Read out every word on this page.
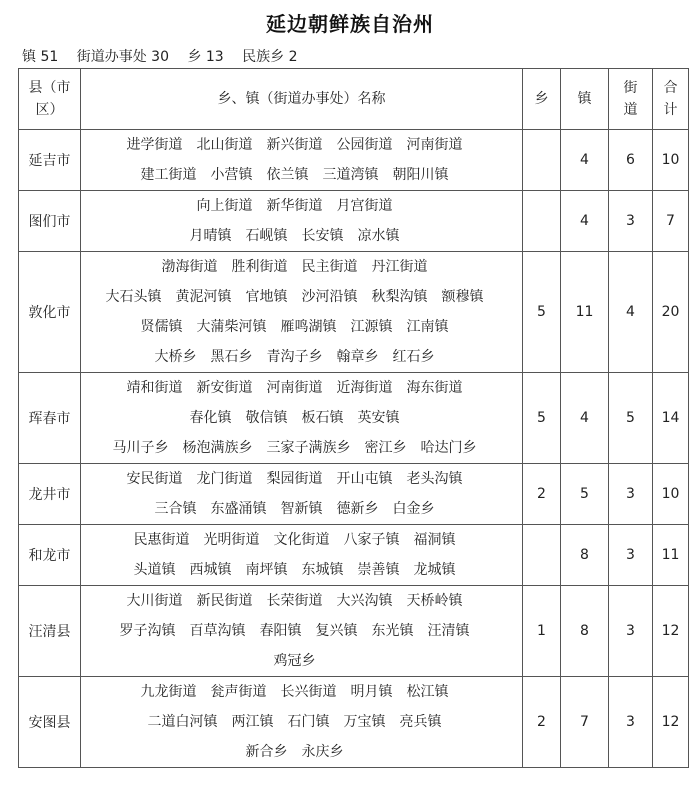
延边朝鲜族自治州
镇 51 街道办事处 30 乡 13 民族乡 2
县（市
区）	乡、镇（街道办事处）名称	乡	镇	街
道	合
计

延吉市	进学街道 北山街道 新兴街道 公园街道 河南街道
建工街道 小营镇 依兰镇 三道湾镇 朝阳川镇		4	6	10
图们市	向上街道 新华街道 月宫街道
月晴镇 石岘镇 长安镇 凉水镇		4	3	7
敦化市	渤海街道 胜利街道 民主街道 丹江街道
大石头镇 黄泥河镇 官地镇 沙河沿镇 秋梨沟镇 额穆镇
贤儒镇 大蒲柴河镇 雁鸣湖镇 江源镇 江南镇
大桥乡 黑石乡 青沟子乡 翰章乡 红石乡	5	11	4	20
珲春市	靖和街道 新安街道 河南街道 近海街道 海东街道
春化镇 敬信镇 板石镇 英安镇
马川子乡 杨泡满族乡 三家子满族乡 密江乡 哈达门乡	5	4	5	14
龙井市	安民街道 龙门街道 梨园街道 开山屯镇 老头沟镇
三合镇 东盛涌镇 智新镇 德新乡 白金乡	2	5	3	10
和龙市	民惠街道 光明街道 文化街道 八家子镇 福洞镇
头道镇 西城镇 南坪镇 东城镇 崇善镇 龙城镇		8	3	11
汪清县	大川街道 新民街道 长荣街道 大兴沟镇 天桥岭镇
罗子沟镇 百草沟镇 春阳镇 复兴镇 东光镇 汪清镇
鸡冠乡	1	8	3	12
安图县	九龙街道 瓮声街道 长兴街道 明月镇 松江镇
二道白河镇 两江镇 石门镇 万宝镇 亮兵镇
新合乡 永庆乡	2	7	3	12
